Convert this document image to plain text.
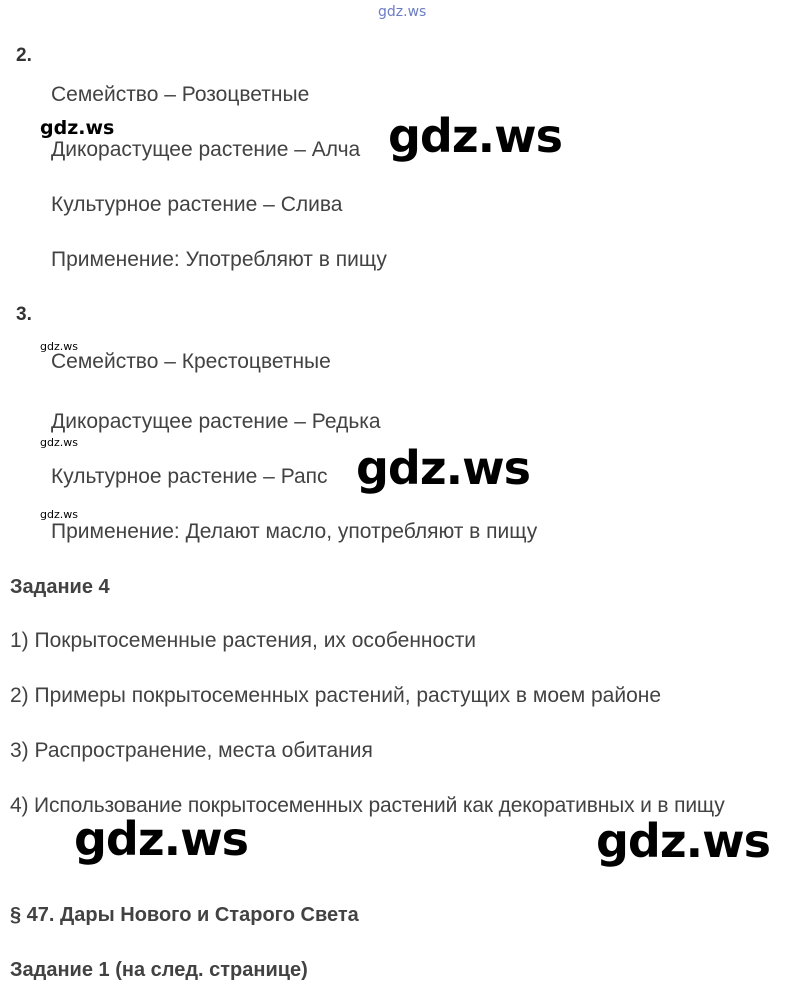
gdz.ws
2.
Семейство – Розоцветные
Дикорастущее растение – Алча
Культурное растение – Слива
Применение: Употребляют в пищу
3.
Семейство – Крестоцветные
Дикорастущее растение – Редька
Культурное растение – Рапс
Применение: Делают масло, употребляют в пищу
Задание 4
1) Покрытосеменные растения, их особенности
2) Примеры покрытосеменных растений, растущих в моем районе
3) Распространение, места обитания
4) Использование покрытосеменных растений как декоративных и в пищу
§ 47. Дары Нового и Старого Света
Задание 1 (на след. странице)
gdz.ws	gdz.ws
gdz.ws
gdz.ws	gdz.ws
gdz.ws
gdz.ws	gdz.ws
